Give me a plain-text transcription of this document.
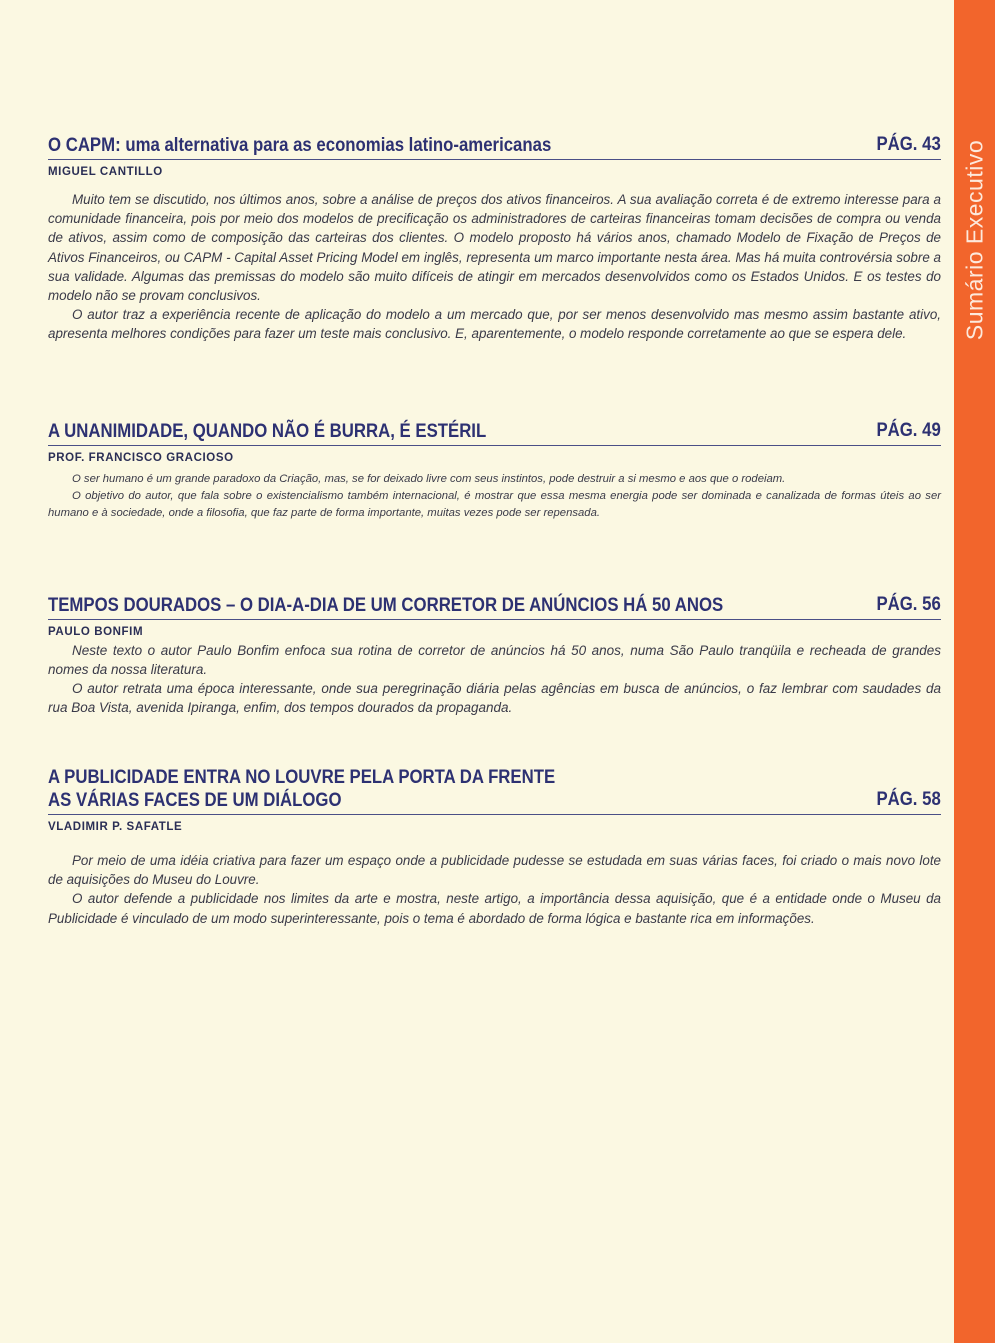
Sumário Executivo
O CAPM: uma alternativa para as economias latino-americanas	PÁG. 43
MIGUEL CANTILLO

Muito tem se discutido, nos últimos anos, sobre a análise de preços dos ativos financeiros. A sua avaliação correta é de extremo interesse para a comunidade financeira, pois por meio dos modelos de precificação os administradores de carteiras financeiras tomam decisões de compra ou venda de ativos, assim como de composição das carteiras dos clientes. O modelo proposto há vários anos, chamado Modelo de Fixação de Preços de Ativos Financeiros, ou CAPM - Capital Asset Pricing Model em inglês, representa um marco importante nesta área. Mas há muita controvérsia sobre a sua validade. Algumas das premissas do modelo são muito difíceis de atingir em mercados desenvolvidos como os Estados Unidos. E os testes do modelo não se provam conclusivos.

O autor traz a experiência recente de aplicação do modelo a um mercado que, por ser menos desenvolvido mas mesmo assim bastante ativo, apresenta melhores condições para fazer um teste mais conclusivo. E, aparentemente, o modelo responde corretamente ao que se espera dele.

A UNANIMIDADE, QUANDO NÃO É BURRA, É ESTÉRIL	PÁG. 49
PROF. FRANCISCO GRACIOSO

O ser humano é um grande paradoxo da Criação, mas, se for deixado livre com seus instintos, pode destruir a si mesmo e aos que o rodeiam.

O objetivo do autor, que fala sobre o existencialismo também internacional, é mostrar que essa mesma energia pode ser dominada e canalizada de formas úteis ao ser humano e à sociedade, onde a filosofia, que faz parte de forma importante, muitas vezes pode ser repensada.

TEMPOS DOURADOS – O DIA-A-DIA DE UM CORRETOR DE ANÚNCIOS HÁ 50 ANOS	PÁG. 56
PAULO BONFIM

Neste texto o autor Paulo Bonfim enfoca sua rotina de corretor de anúncios há 50 anos, numa São Paulo tranqüila e recheada de grandes nomes da nossa literatura.

O autor retrata uma época interessante, onde sua peregrinação diária pelas agências em busca de anúncios, o faz lembrar com saudades da rua Boa Vista, avenida Ipiranga, enfim, dos tempos dourados da propaganda.

A PUBLICIDADE ENTRA NO LOUVRE PELA PORTA DA FRENTE
AS VÁRIAS FACES DE UM DIÁLOGO	PÁG. 58
VLADIMIR P. SAFATLE

Por meio de uma idéia criativa para fazer um espaço onde a publicidade pudesse se estudada em suas várias faces, foi criado o mais novo lote de aquisições do Museu do Louvre.

O autor defende a publicidade nos limites da arte e mostra, neste artigo, a importância dessa aquisição, que é a entidade onde o Museu da Publicidade é vinculado de um modo superinteressante, pois o tema é abordado de forma lógica e bastante rica em informações.
